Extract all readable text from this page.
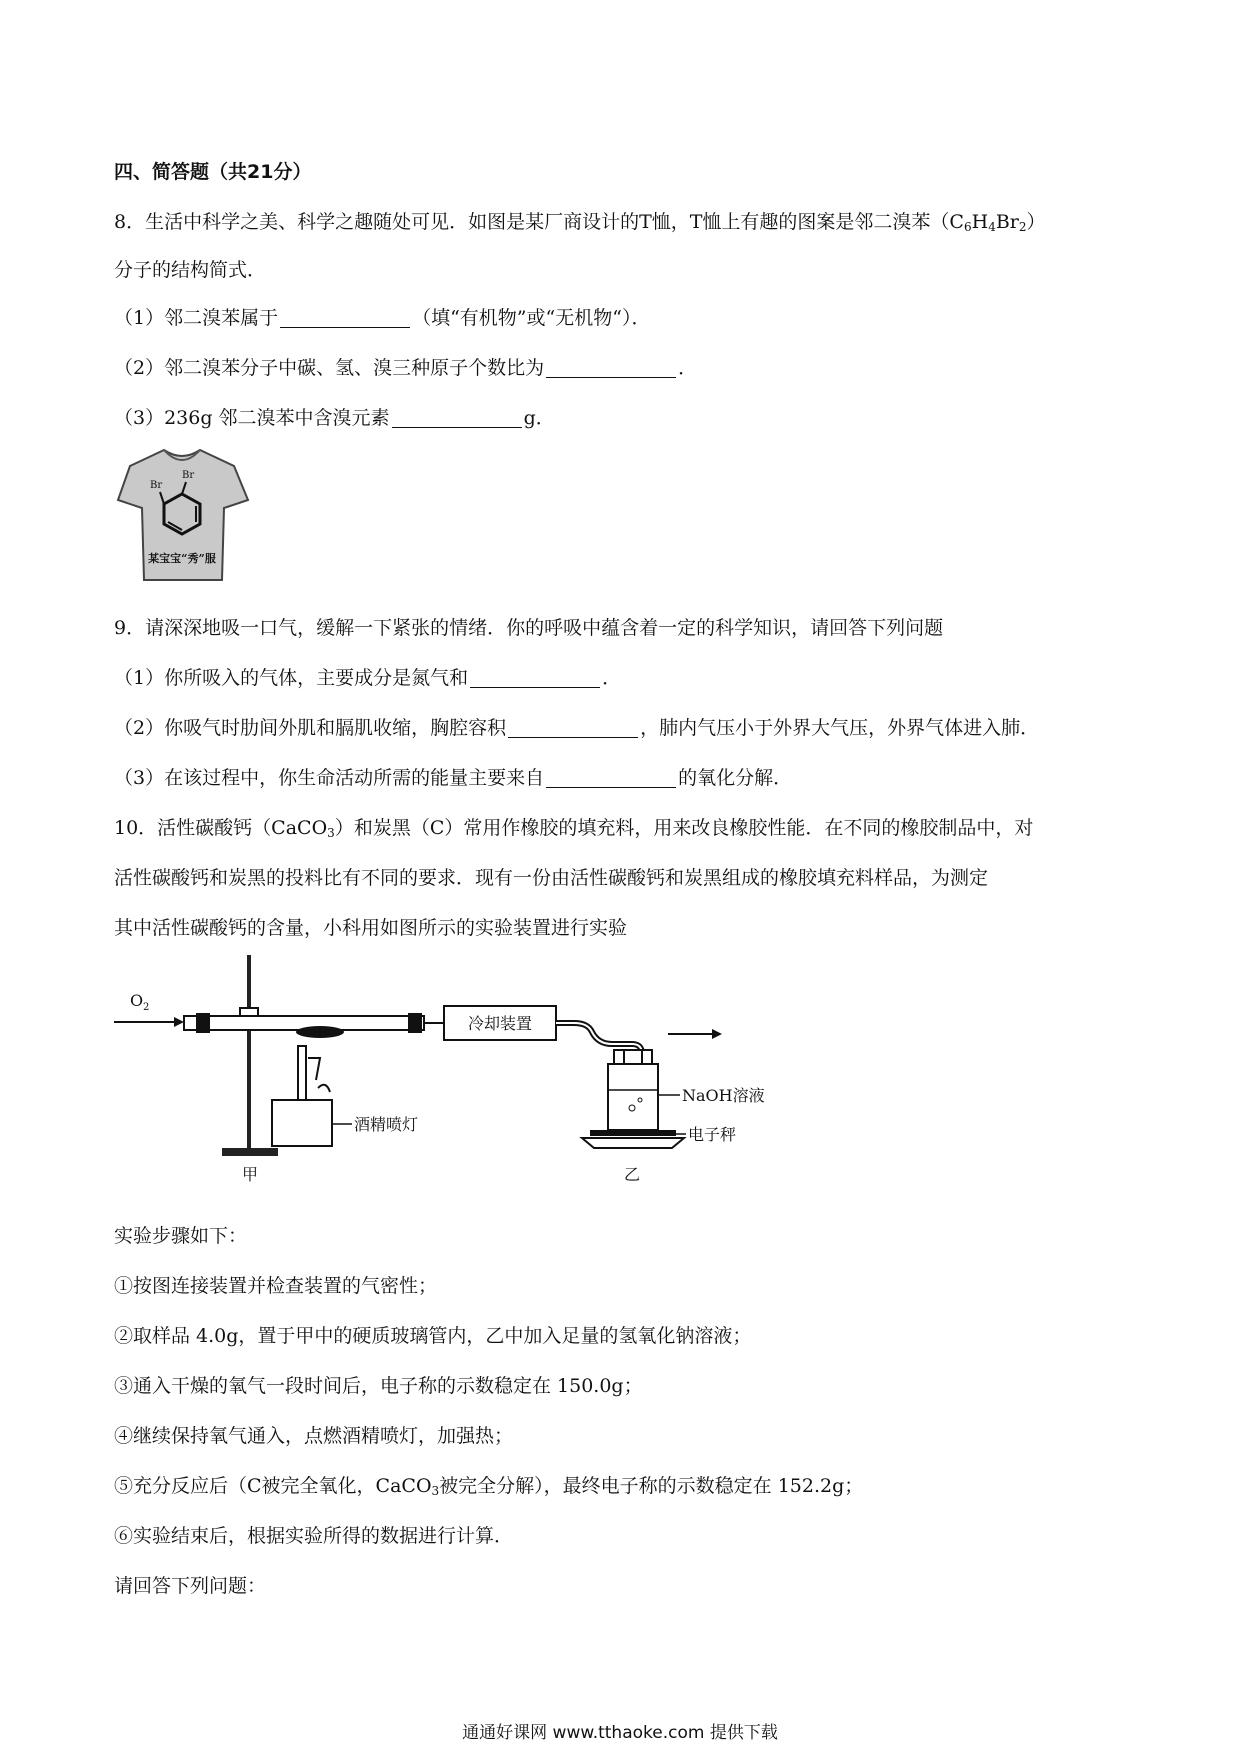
四、简答题（共21分）
8．生活中科学之美、科学之趣随处可见．如图是某厂商设计的T恤，T恤上有趣的图案是邻二溴苯$(C_6H_4Br_2)$
分子的结构简式．
（1）邻二溴苯属于	（填“有机物”或“无机物“）．
（2）邻二溴苯分子中碳、氢、溴三种原子个数比为	．
（3）236g 邻二溴苯中含溴元素	g．
Br
Br
某宝宝“秀”服
9．请深深地吸一口气，缓解一下紧张的情绪．你的呼吸中蕴含着一定的科学知识，请回答下列问题
（1）你所吸入的气体，主要成分是氮气和	．
（2）你吸气时肋间外肌和膈肌收缩，胸腔容积	，肺内气压小于外界大气压，外界气体进入肺．
（3）在该过程中，你生命活动所需的能量主要来自	的氧化分解．
10．活性碳酸钙（CaCO$_3$）和炭黑（C）常用作橡胶的填充料，用来改良橡胶性能．在不同的橡胶制品中，对
活性碳酸钙和炭黑的投料比有不同的要求．现有一份由活性碳酸钙和炭黑组成的橡胶填充料样品，为测定
其中活性碳酸钙的含量，小科用如图所示的实验装置进行实验
O 2
酒精喷灯
冷却装置
NaOH溶液
电子秤
甲	乙
实验步骤如下：
①按图连接装置并检查装置的气密性；
②取样品 4.0g，置于甲中的硬质玻璃管内，乙中加入足量的氢氧化钠溶液；
③通入干燥的氧气一段时间后，电子称的示数稳定在 150.0g；
④继续保持氧气通入，点燃酒精喷灯，加强热；
⑤充分反应后（C被完全氧化，CaCO$_3$被完全分解），最终电子称的示数稳定在 152.2g；
⑥实验结束后，根据实验所得的数据进行计算．
请回答下列问题：
通通好课网 www.tthaoke.com 提供下载
